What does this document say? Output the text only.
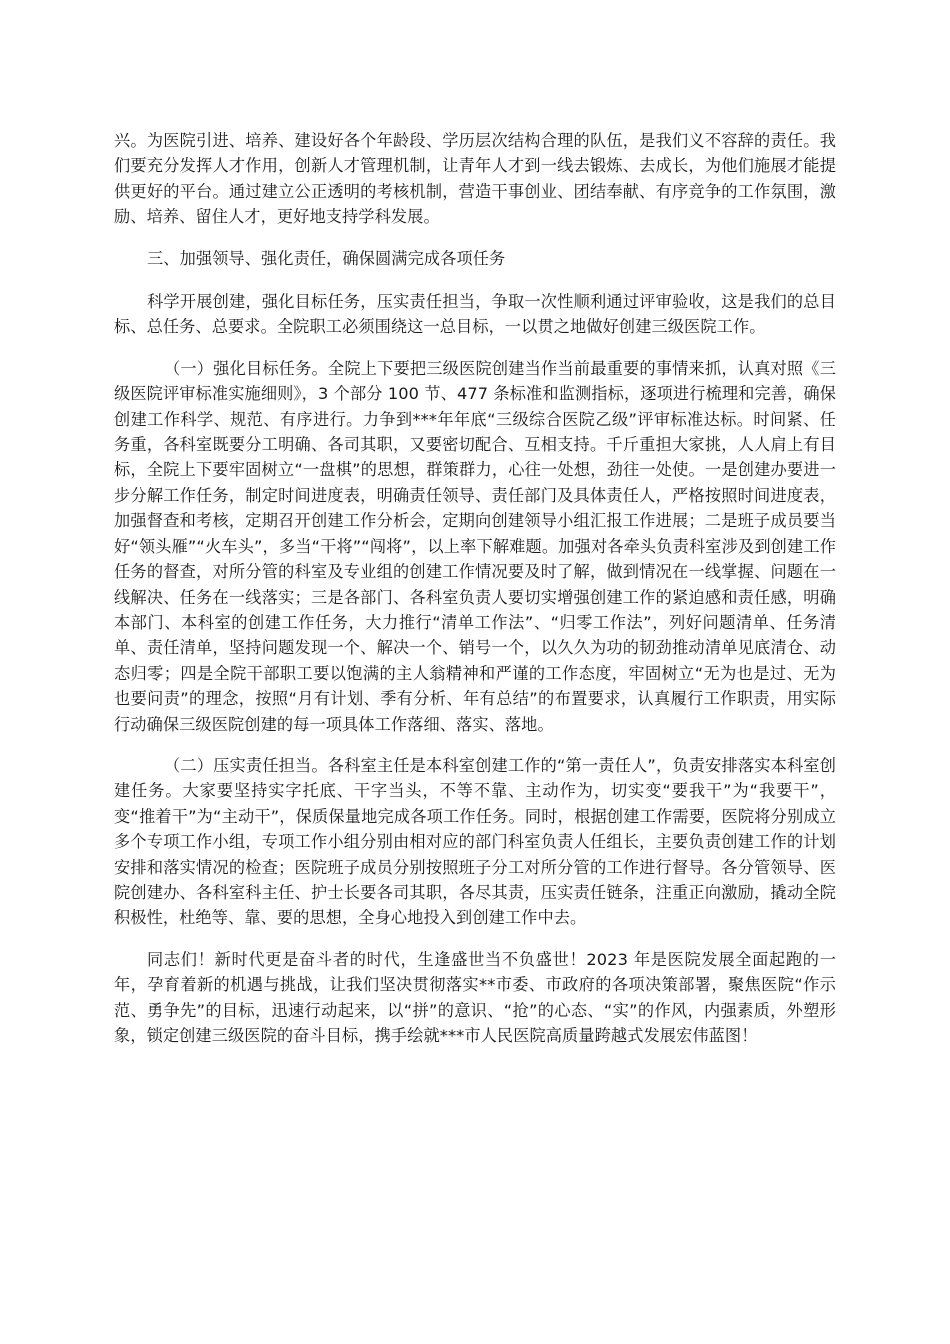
兴。为医院引进、培养、建设好各个年龄段、学历层次结构合理的队伍，是我们义不容辞的责任。我们要充分发挥人才作用，创新人才管理机制，让青年人才到一线去锻炼、去成长，为他们施展才能提供更好的平台。通过建立公正透明的考核机制，营造干事创业、团结奉献、有序竞争的工作氛围，激励、培养、留住人才，更好地支持学科发展。

三、加强领导、强化责任，确保圆满完成各项任务

科学开展创建，强化目标任务，压实责任担当，争取一次性顺利通过评审验收，这是我们的总目标、总任务、总要求。全院职工必须围绕这一总目标，一以贯之地做好创建三级医院工作。

（一）强化目标任务。全院上下要把三级医院创建当作当前最重要的事情来抓，认真对照《三级医院评审标准实施细则》，3 个部分 100 节、477 条标准和监测指标，逐项进行梳理和完善，确保创建工作科学、规范、有序进行。力争到***年年底“三级综合医院乙级”评审标准达标。时间紧、任务重，各科室既要分工明确、各司其职，又要密切配合、互相支持。千斤重担大家挑，人人肩上有目标，全院上下要牢固树立“一盘棋”的思想，群策群力，心往一处想，劲往一处使。一是创建办要进一步分解工作任务，制定时间进度表，明确责任领导、责任部门及具体责任人，严格按照时间进度表，加强督查和考核，定期召开创建工作分析会，定期向创建领导小组汇报工作进展；二是班子成员要当好“领头雁”“火车头”，多当“干将”“闯将”，以上率下解难题。加强对各牵头负责科室涉及到创建工作任务的督查，对所分管的科室及专业组的创建工作情况要及时了解，做到情况在一线掌握、问题在一线解决、任务在一线落实；三是各部门、各科室负责人要切实增强创建工作的紧迫感和责任感，明确本部门、本科室的创建工作任务，大力推行“清单工作法”、“归零工作法”，列好问题清单、任务清单、责任清单，坚持问题发现一个、解决一个、销号一个，以久久为功的韧劲推动清单见底清仓、动态归零；四是全院干部职工要以饱满的主人翁精神和严谨的工作态度，牢固树立“无为也是过、无为也要问责”的理念，按照“月有计划、季有分析、年有总结”的布置要求，认真履行工作职责，用实际行动确保三级医院创建的每一项具体工作落细、落实、落地。

（二）压实责任担当。各科室主任是本科室创建工作的“第一责任人”，负责安排落实本科室创建任务。大家要坚持实字托底、干字当头，不等不靠、主动作为，切实变“要我干”为“我要干”，变“推着干”为“主动干”，保质保量地完成各项工作任务。同时，根据创建工作需要，医院将分别成立多个专项工作小组，专项工作小组分别由相对应的部门科室负责人任组长，主要负责创建工作的计划安排和落实情况的检查；医院班子成员分别按照班子分工对所分管的工作进行督导。各分管领导、医院创建办、各科室科主任、护士长要各司其职，各尽其责，压实责任链条，注重正向激励，撬动全院积极性，杜绝等、靠、要的思想，全身心地投入到创建工作中去。

同志们！新时代更是奋斗者的时代，生逢盛世当不负盛世！2023 年是医院发展全面起跑的一年，孕育着新的机遇与挑战，让我们坚决贯彻落实**市委、市政府的各项决策部署，聚焦医院“作示范、勇争先”的目标，迅速行动起来，以“拼”的意识、“抢”的心态、“实”的作风，内强素质，外塑形象，锁定创建三级医院的奋斗目标，携手绘就***市人民医院高质量跨越式发展宏伟蓝图！
